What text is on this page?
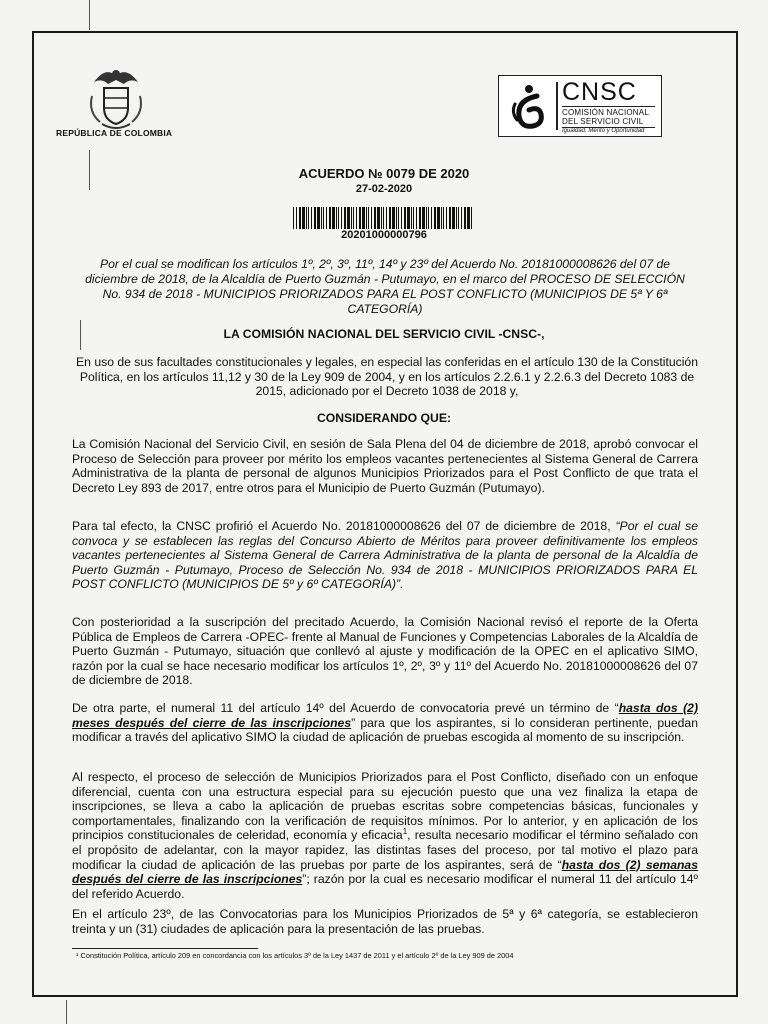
REPÚBLICA DE COLOMBIA
CNSC
COMISIÓN NACIONAL
DEL SERVICIO CIVIL
Igualdad, Mérito y Oportunidad
ACUERDO № 0079 DE 2020
27-02-2020
20201000000796
Por el cual se modifican los artículos 1º, 2º, 3º, 11º, 14º y 23º del Acuerdo No. 20181000008626 del 07 de diciembre de 2018, de la Alcaldía de Puerto Guzmán - Putumayo, en el marco del PROCESO DE SELECCIÓN No. 934 de 2018 - MUNICIPIOS PRIORIZADOS PARA EL POST CONFLICTO (MUNICIPIOS DE 5ª Y 6ª CATEGORÍA)
LA COMISIÓN NACIONAL DEL SERVICIO CIVIL -CNSC-,
En uso de sus facultades constitucionales y legales, en especial las conferidas en el artículo 130 de la Constitución Política, en los artículos 11,12 y 30 de la Ley 909 de 2004, y en los artículos 2.2.6.1 y 2.2.6.3 del Decreto 1083 de 2015, adicionado por el Decreto 1038 de 2018 y,
CONSIDERANDO QUE:
La Comisión Nacional del Servicio Civil, en sesión de Sala Plena del 04 de diciembre de 2018, aprobó convocar el Proceso de Selección para proveer por mérito los empleos vacantes pertenecientes al Sistema General de Carrera Administrativa de la planta de personal de algunos Municipios Priorizados para el Post Conflicto de que trata el Decreto Ley 893 de 2017, entre otros para el Municipio de Puerto Guzmán (Putumayo).
Para tal efecto, la CNSC profirió el Acuerdo No. 20181000008626 del 07 de diciembre de 2018, “Por el cual se convoca y se establecen las reglas del Concurso Abierto de Méritos para proveer definitivamente los empleos vacantes pertenecientes al Sistema General de Carrera Administrativa de la planta de personal de la Alcaldía de Puerto Guzmán - Putumayo, Proceso de Selección No. 934 de 2018 - MUNICIPIOS PRIORIZADOS PARA EL POST CONFLICTO (MUNICIPIOS DE 5º y 6º CATEGORÍA)”.
Con posterioridad a la suscripción del precitado Acuerdo, la Comisión Nacional revisó el reporte de la Oferta Pública de Empleos de Carrera -OPEC- frente al Manual de Funciones y Competencias Laborales de la Alcaldía de Puerto Guzmán - Putumayo, situación que conllevó al ajuste y modificación de la OPEC en el aplicativo SIMO, razón por la cual se hace necesario modificar los artículos 1º, 2º, 3º y 11º del Acuerdo No. 20181000008626 del 07 de diciembre de 2018.
De otra parte, el numeral 11 del artículo 14º del Acuerdo de convocatoria prevé un término de “hasta dos (2) meses después del cierre de las inscripciones” para que los aspirantes, si lo consideran pertinente, puedan modificar a través del aplicativo SIMO la ciudad de aplicación de pruebas escogida al momento de su inscripción.
Al respecto, el proceso de selección de Municipios Priorizados para el Post Conflicto, diseñado con un enfoque diferencial, cuenta con una estructura especial para su ejecución puesto que una vez finaliza la etapa de inscripciones, se lleva a cabo la aplicación de pruebas escritas sobre competencias básicas, funcionales y comportamentales, finalizando con la verificación de requisitos mínimos. Por lo anterior, y en aplicación de los principios constitucionales de celeridad, economía y eficacia$^1$, resulta necesario modificar el término señalado con el propósito de adelantar, con la mayor rapidez, las distintas fases del proceso, por tal motivo el plazo para modificar la ciudad de aplicación de las pruebas por parte de los aspirantes, será de “hasta dos (2) semanas después del cierre de las inscripciones”; razón por la cual es necesario modificar el numeral 11 del artículo 14º del referido Acuerdo.
En el artículo 23º, de las Convocatorias para los Municipios Priorizados de 5ª y 6ª categoría, se establecieron treinta y un (31) ciudades de aplicación para la presentación de las pruebas.
¹ Constitución Política, artículo 209 en concordancia con los artículos 3º de la Ley 1437 de 2011 y el artículo 2º de la Ley 909 de 2004
